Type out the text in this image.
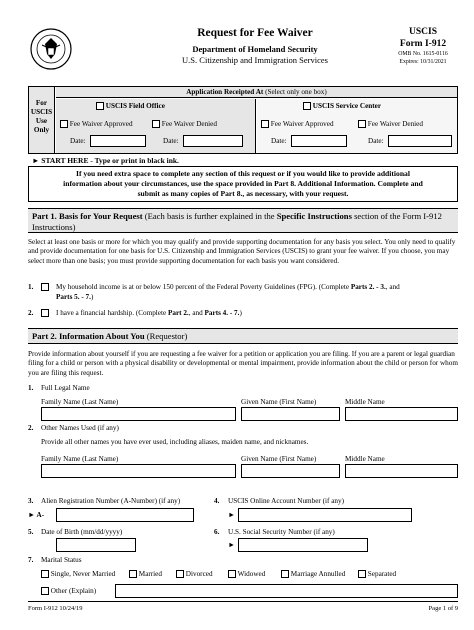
Request for Fee Waiver
Department of Homeland Security
U.S. Citizenship and Immigration Services
USCIS
Form I-912
OMB No. 1615-0116
Expires: 10/31/2021
For
USCIS
Use
Only
Application Receipted At (Select only one box)
USCIS Field Office	USCIS Service Center
Fee Waiver Approved	Fee Waiver Denied	Fee Waiver Approved	Fee Waiver Denied
Date:	Date:	Date:	Date:
► START HERE - Type or print in black ink.
If you need extra space to complete any section of this request or if you would like to provide additional information about your circumstances, use the space provided in Part 8. Additional Information. Complete and submit as many copies of Part 8., as necessary, with your request.
Part 1. Basis for Your Request (Each basis is further explained in the Specific Instructions section of the Form I-912 Instructions)
Select at least one basis or more for which you may qualify and provide supporting documentation for any basis you select. You only need to qualify and provide documentation for one basis for U.S. Citizenship and Immigration Services (USCIS) to grant your fee waiver. If you choose, you may select more than one basis; you must provide supporting documentation for each basis you want considered.
1.	My household income is at or below 150 percent of the Federal Poverty Guidelines (FPG). (Complete Parts 2. - 3., and
Parts 5. - 7.)
2.	I have a financial hardship. (Complete Part 2., and Parts 4. - 7.)
Part 2. Information About You (Requestor)
Provide information about yourself if you are requesting a fee waiver for a petition or application you are filing. If you are a parent or legal guardian filing for a child or person with a physical disability or developmental or mental impairment, provide information about the child or person for whom you are filing this request.
1. Full Legal Name
Family Name (Last Name)	Given Name (First Name)	Middle Name
2. Other Names Used (if any)
Provide all other names you have ever used, including aliases, maiden name, and nicknames.
Family Name (Last Name)	Given Name (First Name)	Middle Name
3. Alien Registration Number (A-Number) (if any)
► A-
4. USCIS Online Account Number (if any)
►
5. Date of Birth (mm/dd/yyyy)	6. U.S. Social Security Number (if any)
►
7. Marital Status
Single, Never Married	Married	Divorced	Widowed	Marriage Annulled	Separated
Other (Explain)
Form I-912 10/24/19	Page 1 of 9
